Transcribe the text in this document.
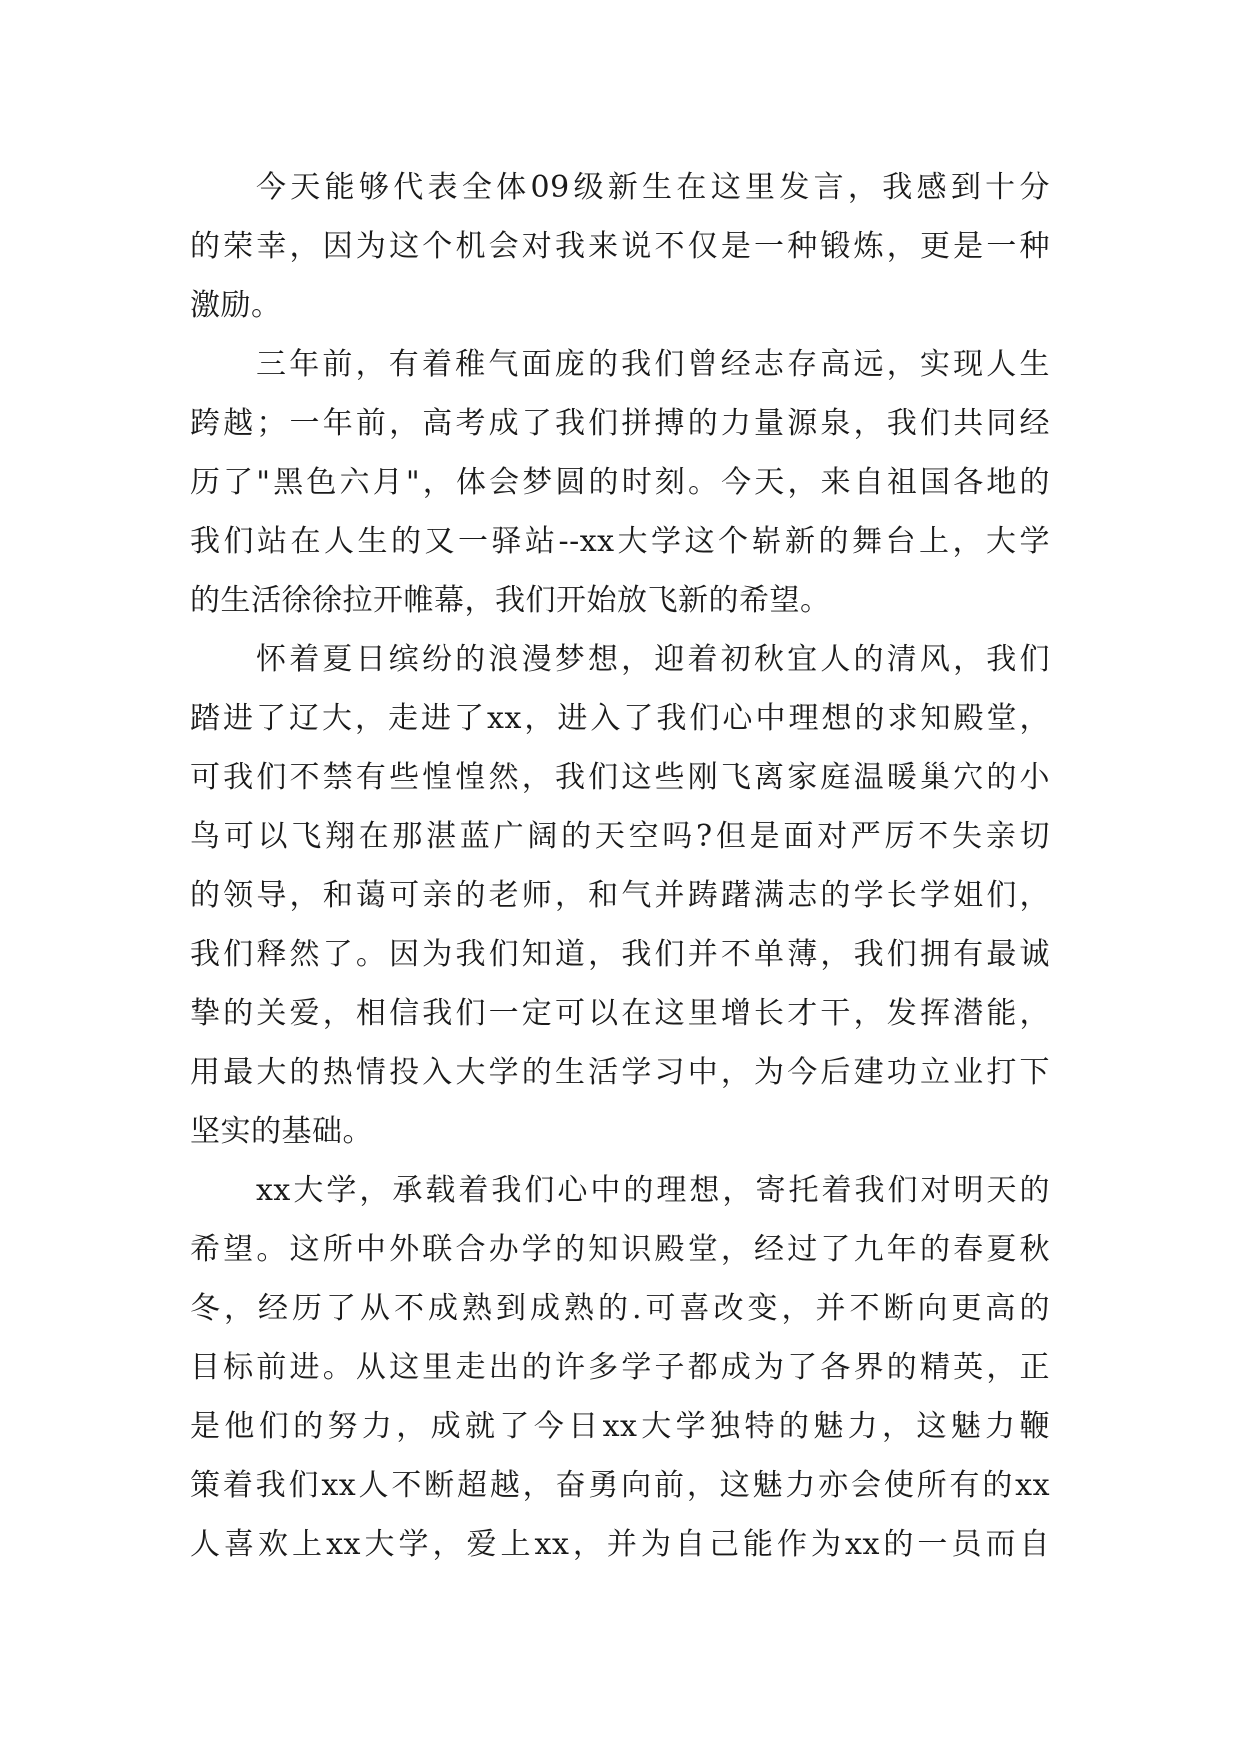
今天能够代表全体09级新生在这里发言，我感到十分
的荣幸，因为这个机会对我来说不仅是一种锻炼，更是一种
激励。
三年前，有着稚气面庞的我们曾经志存高远，实现人生
跨越；一年前，高考成了我们拼搏的力量源泉，我们共同经
历了"黑色六月"，体会梦圆的时刻。今天，来自祖国各地的
我们站在人生的又一驿站--xx大学这个崭新的舞台上，大学
的生活徐徐拉开帷幕，我们开始放飞新的希望。
怀着夏日缤纷的浪漫梦想，迎着初秋宜人的清风，我们
踏进了辽大，走进了xx，进入了我们心中理想的求知殿堂，
可我们不禁有些惶惶然，我们这些刚飞离家庭温暖巢穴的小
鸟可以飞翔在那湛蓝广阔的天空吗?但是面对严厉不失亲切
的领导，和蔼可亲的老师，和气并踌躇满志的学长学姐们，
我们释然了。因为我们知道，我们并不单薄，我们拥有最诚
挚的关爱，相信我们一定可以在这里增长才干，发挥潜能，
用最大的热情投入大学的生活学习中，为今后建功立业打下
坚实的基础。
xx大学，承载着我们心中的理想，寄托着我们对明天的
希望。这所中外联合办学的知识殿堂，经过了九年的春夏秋
冬，经历了从不成熟到成熟的.可喜改变，并不断向更高的
目标前进。从这里走出的许多学子都成为了各界的精英，正
是他们的努力，成就了今日xx大学独特的魅力，这魅力鞭
策着我们xx人不断超越，奋勇向前，这魅力亦会使所有的xx
人喜欢上xx大学，爱上xx，并为自己能作为xx的一员而自
